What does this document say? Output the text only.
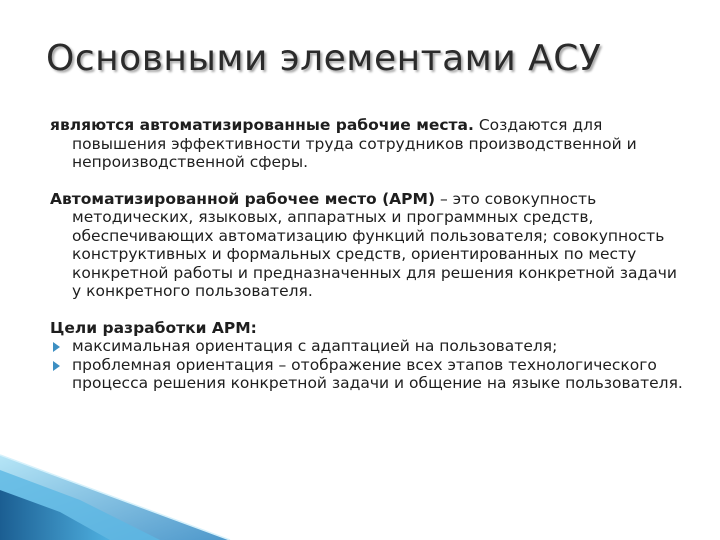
Основными элементами АСУ

являются автоматизированные рабочие места. Создаются для повышения эффективности труда сотрудников производственной и непроизводственной сферы.

Автоматизированной рабочее место (АРМ) – это совокупность методических, языковых, аппаратных и программных средств, обеспечивающих автоматизацию функций пользователя; совокупность конструктивных и формальных средств, ориентированных по месту конкретной работы и предназначенных для решения конкретной задачи у конкретного пользователя.

Цели разработки АРМ:

максимальная ориентация с адаптацией на пользователя;
проблемная ориентация – отображение всех этапов технологического процесса решения конкретной задачи и общение на языке пользователя.
